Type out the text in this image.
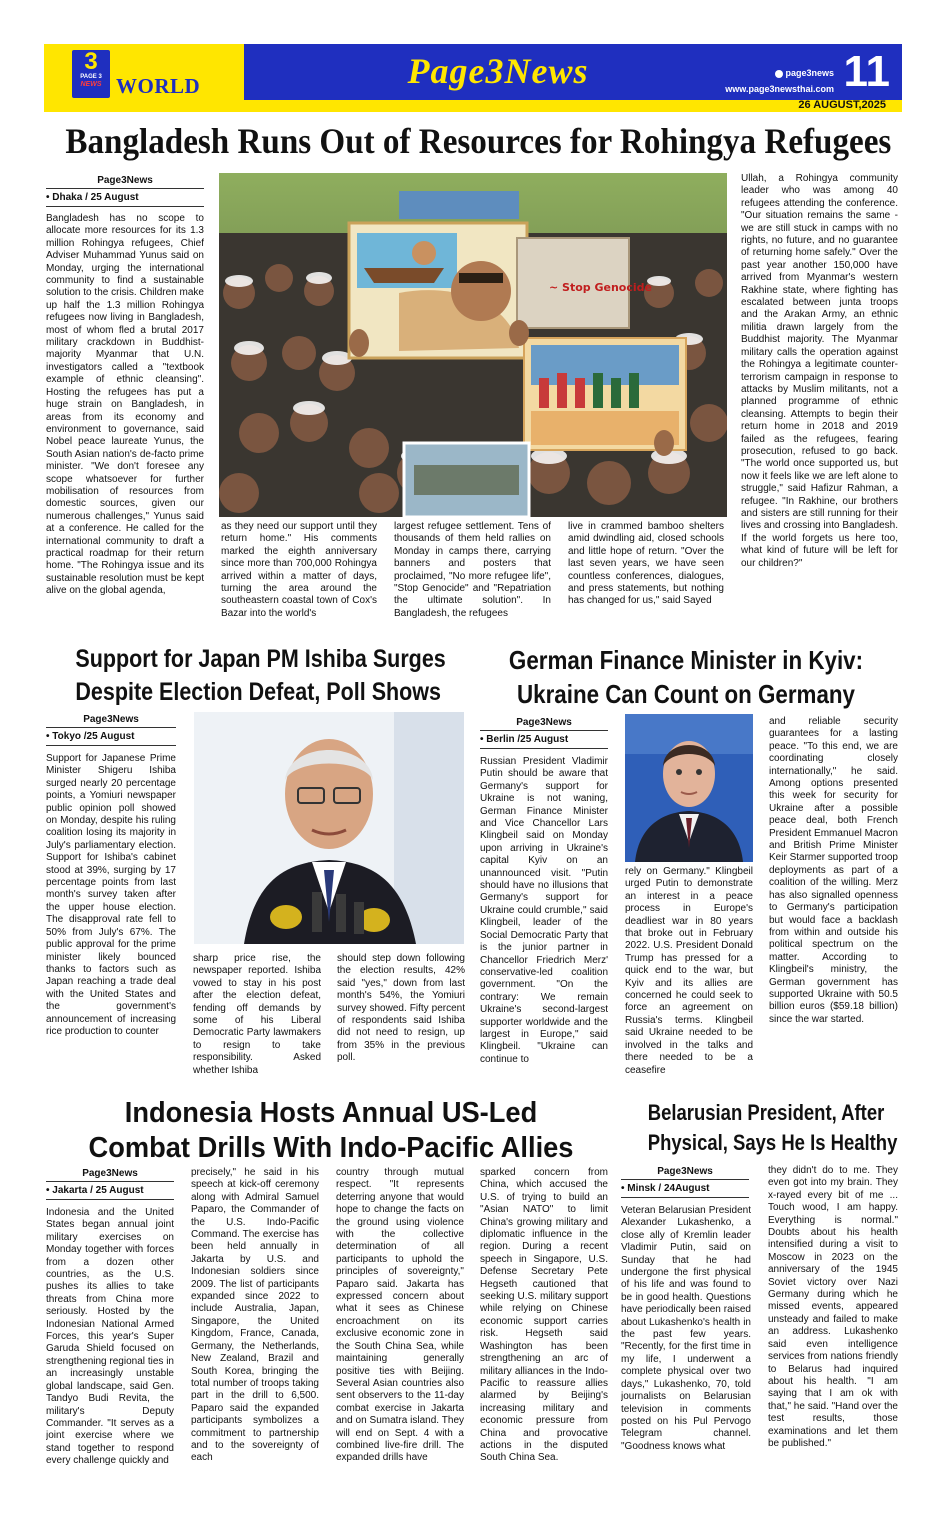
3
PAGE 3
NEWS WORLD	Page3News	page3news
www.page3newsthai.com 11
26 AUGUST,2025
Bangladesh Runs Out of Resources for Rohingya Refugees
Page3News
• Dhaka / 25 August

Bangladesh has no scope to allocate more resources for its 1.3 million Rohingya refugees, Chief Adviser Muhammad Yunus said on Monday, urging the international community to find a sustainable solution to the crisis. Children make up half the 1.3 million Rohingya refugees now living in Bangladesh, most of whom fled a brutal 2017 military crackdown in Buddhist-majority Myanmar that U.N. investigators called a "textbook example of ethnic cleansing". Hosting the refugees has put a huge strain on Bangladesh, in areas from its economy and environment to governance, said Nobel peace laureate Yunus, the South Asian nation's de-facto prime minister. "We don't foresee any scope whatsoever for further mobilisation of resources from domestic sources, given our numerous challenges," Yunus said at a conference. He called for the international community to draft a practical roadmap for their return home. "The Rohingya issue and its sustainable resolution must be kept alive on the global agenda,

~ Stop Genocide

as they need our support until they return home." His comments marked the eighth anniversary since more than 700,000 Rohingya arrived within a matter of days, turning the area around the southeastern coastal town of Cox's Bazar into the world's

largest refugee settlement. Tens of thousands of them held rallies on Monday in camps there, carrying banners and posters that proclaimed, "No more refugee life", "Stop Genocide" and "Repatriation the ultimate solution". In Bangladesh, the refugees

live in crammed bamboo shelters amid dwindling aid, closed schools and little hope of return. "Over the last seven years, we have seen countless conferences, dialogues, and press statements, but nothing has changed for us," said Sayed

Ullah, a Rohingya community leader who was among 40 refugees attending the conference. "Our situation remains the same - we are still stuck in camps with no rights, no future, and no guarantee of returning home safely." Over the past year another 150,000 have arrived from Myanmar's western Rakhine state, where fighting has escalated between junta troops and the Arakan Army, an ethnic militia drawn largely from the Buddhist majority. The Myanmar military calls the operation against the Rohingya a legitimate counter-terrorism campaign in response to attacks by Muslim militants, not a planned programme of ethnic cleansing. Attempts to begin their return home in 2018 and 2019 failed as the refugees, fearing prosecution, refused to go back. "The world once supported us, but now it feels like we are left alone to struggle," said Hafizur Rahman, a refugee. "In Rakhine, our brothers and sisters are still running for their lives and crossing into Bangladesh. If the world forgets us here too, what kind of future will be left for our children?"

Support for Japan PM Ishiba Surges
Despite Election Defeat, Poll Shows
Page3News
• Tokyo /25 August

Support for Japanese Prime Minister Shigeru Ishiba surged nearly 20 percentage points, a Yomiuri newspaper public opinion poll showed on Monday, despite his ruling coalition losing its majority in July's parliamentary election. Support for Ishiba's cabinet stood at 39%, surging by 17 percentage points from last month's survey taken after the upper house election. The disapproval rate fell to 50% from July's 67%. The public approval for the prime minister likely bounced thanks to factors such as Japan reaching a trade deal with the United States and the government's announcement of increasing rice production to counter

sharp price rise, the newspaper reported. Ishiba vowed to stay in his post after the election defeat, fending off demands by some of his Liberal Democratic Party lawmakers to resign to take responsibility. Asked whether Ishiba

should step down following the election results, 42% said "yes," down from last month's 54%, the Yomiuri survey showed. Fifty percent of respondents said Ishiba did not need to resign, up from 35% in the previous poll.

German Finance Minister in Kyiv:
Ukraine Can Count on Germany
Page3News
• Berlin /25 August

Russian President Vladimir Putin should be aware that Germany's support for Ukraine is not waning, German Finance Minister and Vice Chancellor Lars Klingbeil said on Monday upon arriving in Ukraine's capital Kyiv on an unannounced visit. "Putin should have no illusions that Germany's support for Ukraine could crumble," said Klingbeil, leader of the Social Democratic Party that is the junior partner in Chancellor Friedrich Merz' conservative-led coalition government. "On the contrary: We remain Ukraine's second-largest supporter worldwide and the largest in Europe," said Klingbeil. "Ukraine can continue to

rely on Germany." Klingbeil urged Putin to demonstrate an interest in a peace process in Europe's deadliest war in 80 years that broke out in February 2022. U.S. President Donald Trump has pressed for a quick end to the war, but Kyiv and its allies are concerned he could seek to force an agreement on Russia's terms. Klingbeil said Ukraine needed to be involved in the talks and there needed to be a ceasefire

and reliable security guarantees for a lasting peace. "To this end, we are coordinating closely internationally," he said. Among options presented this week for security for Ukraine after a possible peace deal, both French President Emmanuel Macron and British Prime Minister Keir Starmer supported troop deployments as part of a coalition of the willing. Merz has also signalled openness to Germany's participation but would face a backlash from within and outside his political spectrum on the matter. According to Klingbeil's ministry, the German government has supported Ukraine with 50.5 billion euros ($59.18 billion) since the war started.

Indonesia Hosts Annual US-Led
Combat Drills With Indo-Pacific Allies
Page3News
• Jakarta / 25 August

Indonesia and the United States began annual joint military exercises on Monday together with forces from a dozen other countries, as the U.S. pushes its allies to take threats from China more seriously. Hosted by the Indonesian National Armed Forces, this year's Super Garuda Shield focused on strengthening regional ties in an increasingly unstable global landscape, said Gen. Tandyo Budi Revita, the military's Deputy Commander. "It serves as a joint exercise where we stand together to respond every challenge quickly and

precisely," he said in his speech at kick-off ceremony along with Admiral Samuel Paparo, the Commander of the U.S. Indo-Pacific Command. The exercise has been held annually in Jakarta by U.S. and Indonesian soldiers since 2009. The list of participants expanded since 2022 to include Australia, Japan, Singapore, the United Kingdom, France, Canada, Germany, the Netherlands, New Zealand, Brazil and South Korea, bringing the total number of troops taking part in the drill to 6,500. Paparo said the expanded participants symbolizes a commitment to partnership and to the sovereignty of each

country through mutual respect. "It represents deterring anyone that would hope to change the facts on the ground using violence with the collective determination of all participants to uphold the principles of sovereignty," Paparo said. Jakarta has expressed concern about what it sees as Chinese encroachment on its exclusive economic zone in the South China Sea, while maintaining generally positive ties with Beijing. Several Asian countries also sent observers to the 11-day combat exercise in Jakarta and on Sumatra island. They will end on Sept. 4 with a combined live-fire drill. The expanded drills have

sparked concern from China, which accused the U.S. of trying to build an "Asian NATO" to limit China's growing military and diplomatic influence in the region. During a recent speech in Singapore, U.S. Defense Secretary Pete Hegseth cautioned that seeking U.S. military support while relying on Chinese economic support carries risk. Hegseth said Washington has been strengthening an arc of military alliances in the Indo-Pacific to reassure allies alarmed by Beijing's increasing military and economic pressure from China and provocative actions in the disputed South China Sea.

Belarusian President, After
Physical, Says He Is Healthy
Page3News
• Minsk / 24August

Veteran Belarusian President Alexander Lukashenko, a close ally of Kremlin leader Vladimir Putin, said on Sunday that he had undergone the first physical of his life and was found to be in good health. Questions have periodically been raised about Lukashenko's health in the past few years. "Recently, for the first time in my life, I underwent a complete physical over two days," Lukashenko, 70, told journalists on Belarusian television in comments posted on his Pul Pervogo Telegram channel. "Goodness knows what

they didn't do to me. They even got into my brain. They x-rayed every bit of me ... Touch wood, I am happy. Everything is normal." Doubts about his health intensified during a visit to Moscow in 2023 on the anniversary of the 1945 Soviet victory over Nazi Germany during which he missed events, appeared unsteady and failed to make an address. Lukashenko said even intelligence services from nations friendly to Belarus had inquired about his health. "I am saying that I am ok with that," he said. "Hand over the test results, those examinations and let them be published."
